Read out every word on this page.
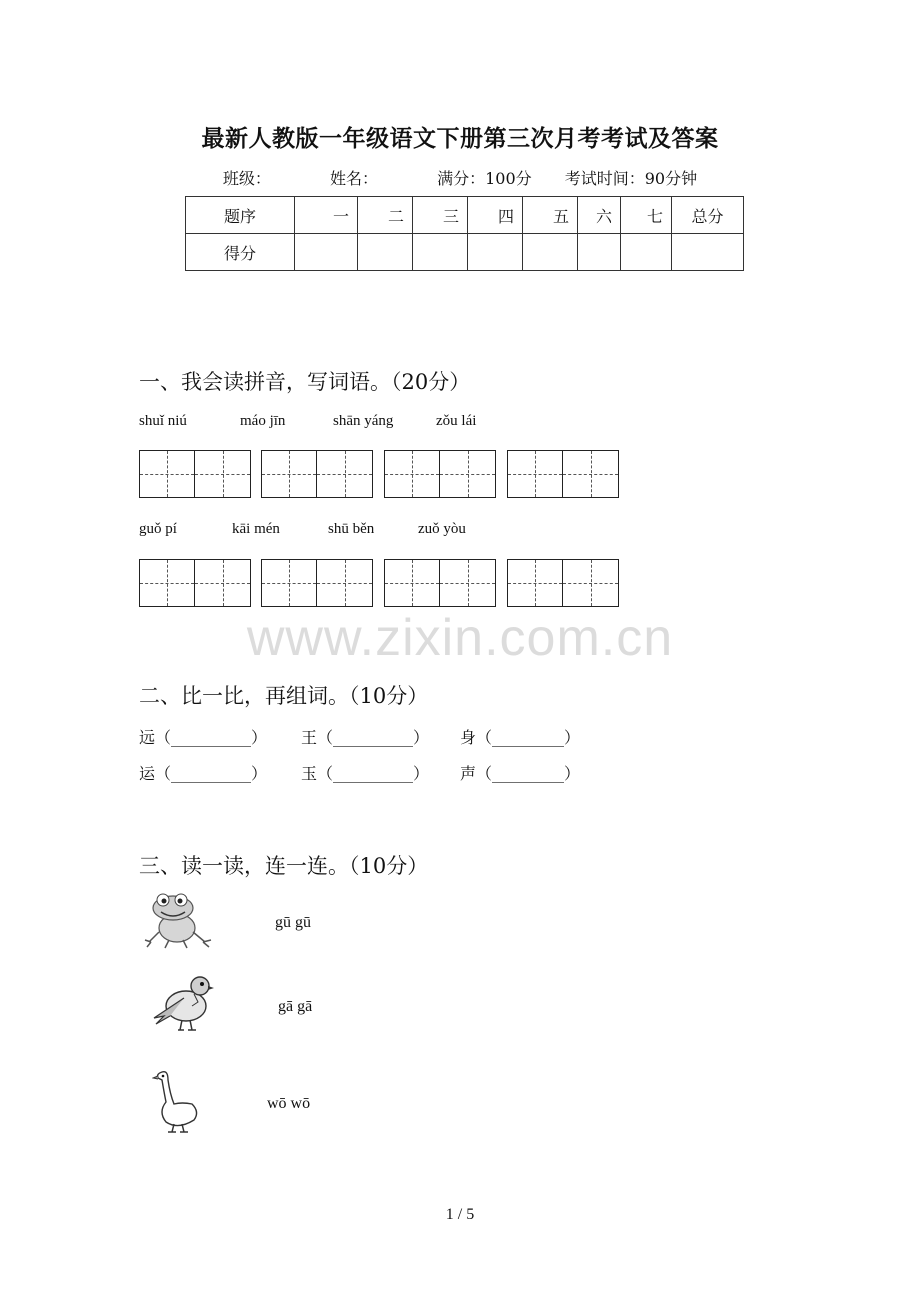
最新人教版一年级语文下册第三次月考考试及答案
班级：	姓名：	满分：100分 考试时间：90分钟
题序	一	二	三	四	五	六	七	总分
得分								
一、我会读拼音，写词语。（20分）
shuǐ niú	máo jīn	shān yáng	zǒu lái
guǒ pí	kāi mén	shū běn	zuǒ yòu
www.zixin.com.cn
二、比一比，再组词。（10分）
远（__________） 王（__________） 身（_________）
运（__________） 玉（__________） 声（_________）
三、读一读，连一连。（10分）
gū gū
gā gā
wō wō
1 / 5
